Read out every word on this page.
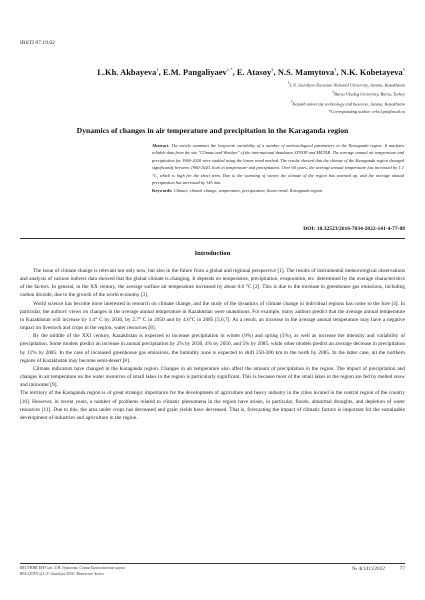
IRSTI 87.19.02
L.Kh. Akbayeva$^1$, E.M. Pangaliyaev$^{1,*}$, E. Atasoy$^2$, N.S. Mamytova$^3$, N.K. Kobetayeva$^1$
$^1$L.N. Gumilyov Eurasian National University, Astana, Kazakhstan
$^2$Bursa Uludag University, Bursa, Turkey
$^3$Kazakh university technology and business, Astana, Kazakhstan
*Corresponding author: erbol.pm@mail.ru
Dynamics of changes in air temperature and precipitation in the Karaganda region
Abstract. The article examines the long-term variability of a number of meteorological parameters in the Karaganda region. It analyzes reliable data from the site "Climate and Weather" of the international databases SYNOP and METAR. The average annual air temperature and precipitation for 1960-2020 were studied using the linear trend method. The results showed that the climate of the Karaganda region changed significantly between 1960-2020, both in temperature and precipitation. Over 60 years, the average annual temperature has increased by 1.1 °C, which is high for the short term. Due to the warming of winter, the climate of the region has warmed up, and the average annual precipitation has increased by 145 mm.
Keywords: Climate, climate change, temperature, precipitation, linear trend, Karaganda region.
DOI: 10.32523/2616-7034-2022-141-4-77-88
Introduction

The issue of climate change is relevant not only now, but also in the future from a global and regional perspective [1]. The results of instrumental meteorological observations and analysis of various indirect data showed that the global climate is changing. It depends on temperature, precipitation, evaporation, etc. determined by the average characteristics of the factors. In general, in the XX century, the average surface air temperature increased by about 0.6 °C [2]. This is due to the increase in greenhouse gas emissions, including carbon dioxide, due to the growth of the world economy [3].

World science has become more interested in research on climate change, and the study of the dynamics of climate change in individual regions has come to the fore [4]. In particular, the authors' views on changes in the average annual temperature in Kazakhstan were unanimous. For example, many authors predict that the average annual temperature in Kazakhstan will increase by 1.4° C by 2030, by 2.7° C in 2050 and by 4.6°C in 2085 [5,6,7]. As a result, an increase in the average annual temperature may have a negative impact on livestock and crops in the region, water resources [8].

By the middle of the XXI century, Kazakhstan is expected to increase precipitation in winter (9%) and spring (5%), as well as increase the intensity and variability of precipitation. Some models predict an increase in annual precipitation by 2% by 2030, 4% by 2050, and 5% by 2085, while other models predict an average decrease in precipitation by 11% by 2085. In the case of increased greenhouse gas emissions, the humidity zone is expected to shift 250-300 km to the north by 2085. In the latter case, all the northern regions of Kazakhstan may become semi-desert [8].

Climate indicators have changed in the Karaganda region. Changes in air temperature also affect the amount of precipitation in the region. The impact of precipitation and changes in air temperature on the water resources of small lakes in the region is particularly significant. This is because most of the small lakes in the region are fed by melted snow and rainwater [9].

The territory of the Karaganda region is of great strategic importance for the development of agriculture and heavy industry in the cities located in the central region of the country [10]. However, in recent years, a number of problems related to climatic phenomena in the region have arisen, in particular, floods, abnormal droughts, and depletion of water resources [11]. Due to this, the area under crops has decreased and grain yields have decreased. That is, forecasting the impact of climatic factors is important for the sustainable development of industries and agriculture in the region.

ВЕСТНИК ЕНУ им. Л.Н. Гумилева. Серия Биологические науки
BULLETIN of L.N. Gumilyov ENU. Bioscience Series
№ 4(141)/2022	77
